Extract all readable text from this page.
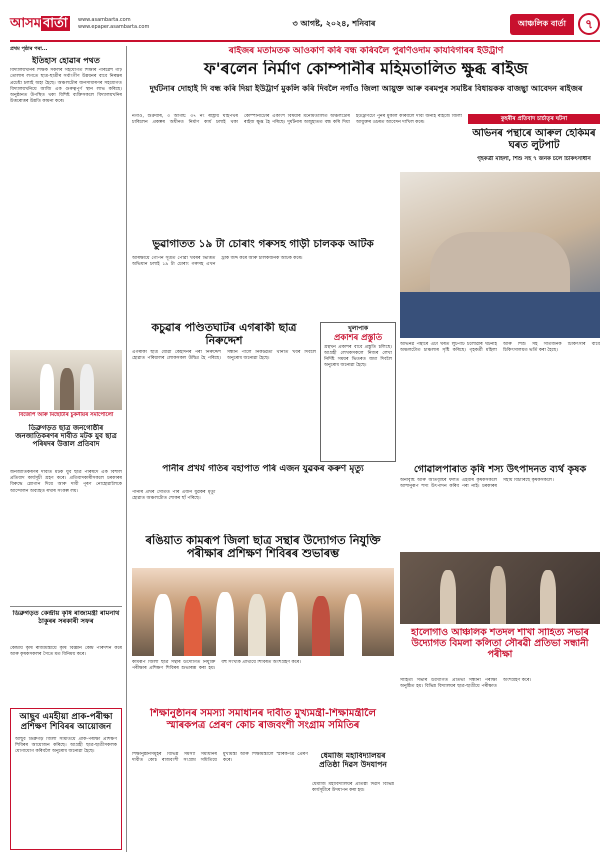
আসম বাৰ্তা	www.asambarta.com
www.epaper.asambarta.com	৩ আগষ্ট, ২০২৪, শনিবাৰ	আঞ্চলিক বাৰ্তা	৭
প্ৰথম পৃষ্ঠাৰ পৰা...
ইতিহাস হোৱাৰ পথত
বিদ্যালয়খনিৰ শিক্ষক সকলৰ সহযোগত শিক্ষাৰ পৰিৱেশ গঢ়ি তোলাৰ লগতে ছাত্ৰ-ছাত্ৰীৰ সৰ্বাংগীণ উন্নয়নৰ বাবে নিৰন্তৰ প্ৰচেষ্টা চলাই অহা হৈছে। অঞ্চলটোৰ জনসাধাৰণৰ সহযোগত বিদ্যালয়খনিয়ে আজি এক গুৰুত্বপূৰ্ণ স্থান লাভ কৰিছে। অনুষ্ঠানত উপস্থিত থকা বিশিষ্ট ব্যক্তিসকলে বিদ্যালয়খনিৰ উত্তৰোত্তৰ উন্নতি কামনা কৰে।
বিজেপি আৰু মিছোৰ্টাৰ চুকনীয়ৰ সমাপোলো
ডিব্ৰুগড়ত ছাত্ৰ জনগোষ্ঠীৰ জনজাতিকৰণৰ দাবীত মটক যুব ছাত্ৰ পৰিষদৰ উত্তাল প্ৰতিবাদ
জনজাতিকৰণৰ দাবীত মটক যুব ছাত্ৰ পৰিষদে এক বিশাল প্ৰতিবাদ কাৰ্যসূচী গ্ৰহণ কৰে। প্ৰতিবাদকাৰীসকলে চৰকাৰৰ বিৰুদ্ধে শ্লোগান দিয়ে আৰু দাবী পূৰণ নোহোৱালৈকে আন্দোলন অব্যাহত ৰখাৰ সংকল্প লয়।
ডিব্ৰুগড়ত কেন্দ্ৰীয় কৃষি ৰাজ্যমন্ত্ৰী ৰামনাথ ঠাকুৰৰ সৰকাৰী সফৰ
কেন্দ্ৰীয় কৃষি ৰাজ্যমন্ত্ৰীয়ে কৃষি বিজ্ঞান কেন্দ্ৰ পৰিদৰ্শন কৰে আৰু কৃষকসকলৰ সৈতে মত বিনিময় কৰে।
আছুব এমহীয়া প্ৰাক-পৰীক্ষা প্ৰশিক্ষণ শিবিৰৰ আয়োজন
আছুব ডিব্ৰুগড় জিলা সমিতিয়ে প্ৰাক-পৰীক্ষা প্ৰশিক্ষণ শিবিৰৰ আয়োজন কৰিছে। আগ্ৰহী ছাত্ৰ-ছাত্ৰীসকলক যোগাযোগ কৰিবলৈ অনুৰোধ জনোৱা হৈছে।
ৰাইজৰ মতামতক আওকাণ কৰি বন্ধ কৰিবলৈ পুৰণিওদাম কাযবিগাৰৰ ইউট্ৰাৰ্ণ
ফ'ৰলেন নিৰ্মাণ কোম্পানীৰ মহিমতালিত ক্ষুব্ধ ৰাইজ
দুৰ্ঘটনাৰ দোহাই দি বন্ধ কৰি দিয়া ইউট্ৰাৰ্ণ মুকলি কৰি দিবলৈ নগাঁও জিলা আয়ুক্ত আৰু বৰমপুৰ সমষ্টিৰ বিধায়কক বাজছ্বা আবেদন ৰাইজৰ
নগাঁও, শুক্ৰবাৰ, ৩ আগষ্ট: ৩৭ নং ৰাষ্ট্ৰীয় ঘাইপথৰ চাৰিলেন প্ৰকল্পৰ অধীনত নিৰ্মাণ কাৰ্য চলাই থকা কোম্পানীটোৰ একাংশ বিষয়াৰ মনোমতালিত অঞ্চলটোৰ ৰাইজ ক্ষুব্ধ হৈ পৰিছে। দুৰ্ঘটনাৰ অজুহাতত বন্ধ কৰি দিয়া ইউট্ৰাৰ্ণটো পুনৰ মুকলি কৰিবলৈ দাবী জনাই ৰাইজে জিলা আয়ুক্তৰ ওচৰত আবেদন দাখিল কৰে।
কুহৰীৰ প্ৰতিবাদ চাৰ্চাতৃৰ ঘটনা
অভিনৰ পন্থাৰে আৰুল হেকিমৰ ঘৰত লুটপাট
গৃহকৰ্ত্ৰী মহিলা, শিশু সহ ৭ জনক চলে চিকিৎসাধীন
অভিনৱ পন্থাৰে এটা ঘৰত লুটপাট চলোৱাৰ ঘটনাই অঞ্চলটোত চাঞ্চল্যৰ সৃষ্টি কৰিছে। গৃহকৰ্ত্ৰী মহিলা আৰু শিশু সহ সাতজনক চিকিৎসাৰ বাবে চিকিৎসালয়ত ভৰ্তি কৰা হৈছে।
ভুৱাগাতত ১৯ টা চোৰাং গৰুসহ গাড়ী চালকক আটক
আৰক্ষীয়ে গোপন সূত্ৰত পোৱা খবৰৰ ভিত্তিত অভিযান চলাই ১৯ টা চোৰাং গৰুসহ এখন ট্ৰাক জব্দ কৰে আৰু চালকজনক আটক কৰে।
কচুৱাৰ পণ্ডিতঘাটৰ এগৰাকী ছাত্ৰ নিৰুদ্দেশ
এগৰাকী ছাত্ৰ যোৱা কেইদিনৰ পৰা নিৰুদ্দেশ হোৱাত পৰিয়ালৰ লোকসকল উদ্বিগ্ন হৈ পৰিছে। সন্ধান পালে নিকটৱৰ্তী থানাত খবৰ দিবলৈ অনুৰোধ জনোৱা হৈছে।
খুলাপাক
প্ৰকাশৰ প্ৰস্তুতি
গ্ৰন্থখন প্ৰকাশৰ বাবে প্ৰস্তুতি চলিছে। আগ্ৰহী লেখকসকলে নিজৰ লেখা নিৰ্দিষ্ট সময়ৰ ভিতৰত জমা দিবলৈ অনুৰোধ জনোৱা হৈছে।
পানীৰ প্ৰখৰ্য গতিৰ বহাপাত পৰি এজন যুৱকৰ কৰুণ মৃত্যু
পানীৰ প্ৰখৰ সোঁতত পৰি এজন যুৱকৰ মৃত্যু হোৱাত অঞ্চলটোত শোকৰ ছাঁ পৰিছে।
গোৱালপাৰাত কৃষি শস্য উৎপাদনত ব্যৰ্থ কৃষক
অনাবৃষ্টি আৰু অতিবৃষ্টিৰ ফলত এইবাৰ কৃষকসকলে আশানুৰূপ শস্য উৎপাদন কৰিব পৰা নাই। চৰকাৰৰ সহায় বিচাৰিছে কৃষকসকলে।
ৰঙিয়াত কামৰূপ জিলা ছাত্ৰ সন্থাৰ উদ্যোগত নিযুক্তি পৰীক্ষাৰ প্ৰশিক্ষণ শিবিৰৰ শুভাৰম্ভ
কামৰূপ জিলা ছাত্ৰ সন্থাৰ উদ্যোগত নিযুক্তি পৰীক্ষাৰ প্ৰশিক্ষণ শিবিৰৰ শুভাৰম্ভ কৰা হয়। বহু সংখ্যক প্ৰাৰ্থীয়ে শিবিৰত অংশগ্ৰহণ কৰে।
হালোগাঁও আঞ্চলিক শতদল শাখা সাহিত্য সভাৰ উদ্যোগত বিমলা কলিতা সৌৰৱী প্ৰতিভা সন্ধানী পৰীক্ষা
সাহিত্য সভাৰ উদ্যোগত প্ৰতিভা সন্ধানী পৰীক্ষা অনুষ্ঠিত হয়। বিভিন্ন বিদ্যালয়ৰ ছাত্ৰ-ছাত্ৰীয়ে পৰীক্ষাত অংশগ্ৰহণ কৰে।
শিক্ষানুষ্ঠানৰ সমস্যা সমাধানৰ দাবীত মুখ্যমন্ত্ৰী-শিক্ষামন্ত্ৰীলৈ স্মাৰকপত্ৰ প্ৰেৰণ কোচ ৰাজবংশী সংগ্ৰাম সমিতিৰ
শিক্ষানুষ্ঠানসমূহৰ বিভিন্ন সমস্যা সমাধানৰ দাবীত কোচ ৰাজবংশী সংগ্ৰাম সমিতিয়ে মুখ্যমন্ত্ৰী আৰু শিক্ষামন্ত্ৰীলৈ স্মাৰকপত্ৰ প্ৰেৰণ কৰে।
ধেমাজি মহাবিদ্যালয়ৰ প্ৰতিষ্ঠা দিৱস উদযাপন
ধেমাজি মহাবিদ্যালয়ৰ প্ৰতিষ্ঠা দিৱস বিভিন্ন কাৰ্যসূচীৰে উদযাপন কৰা হয়।
